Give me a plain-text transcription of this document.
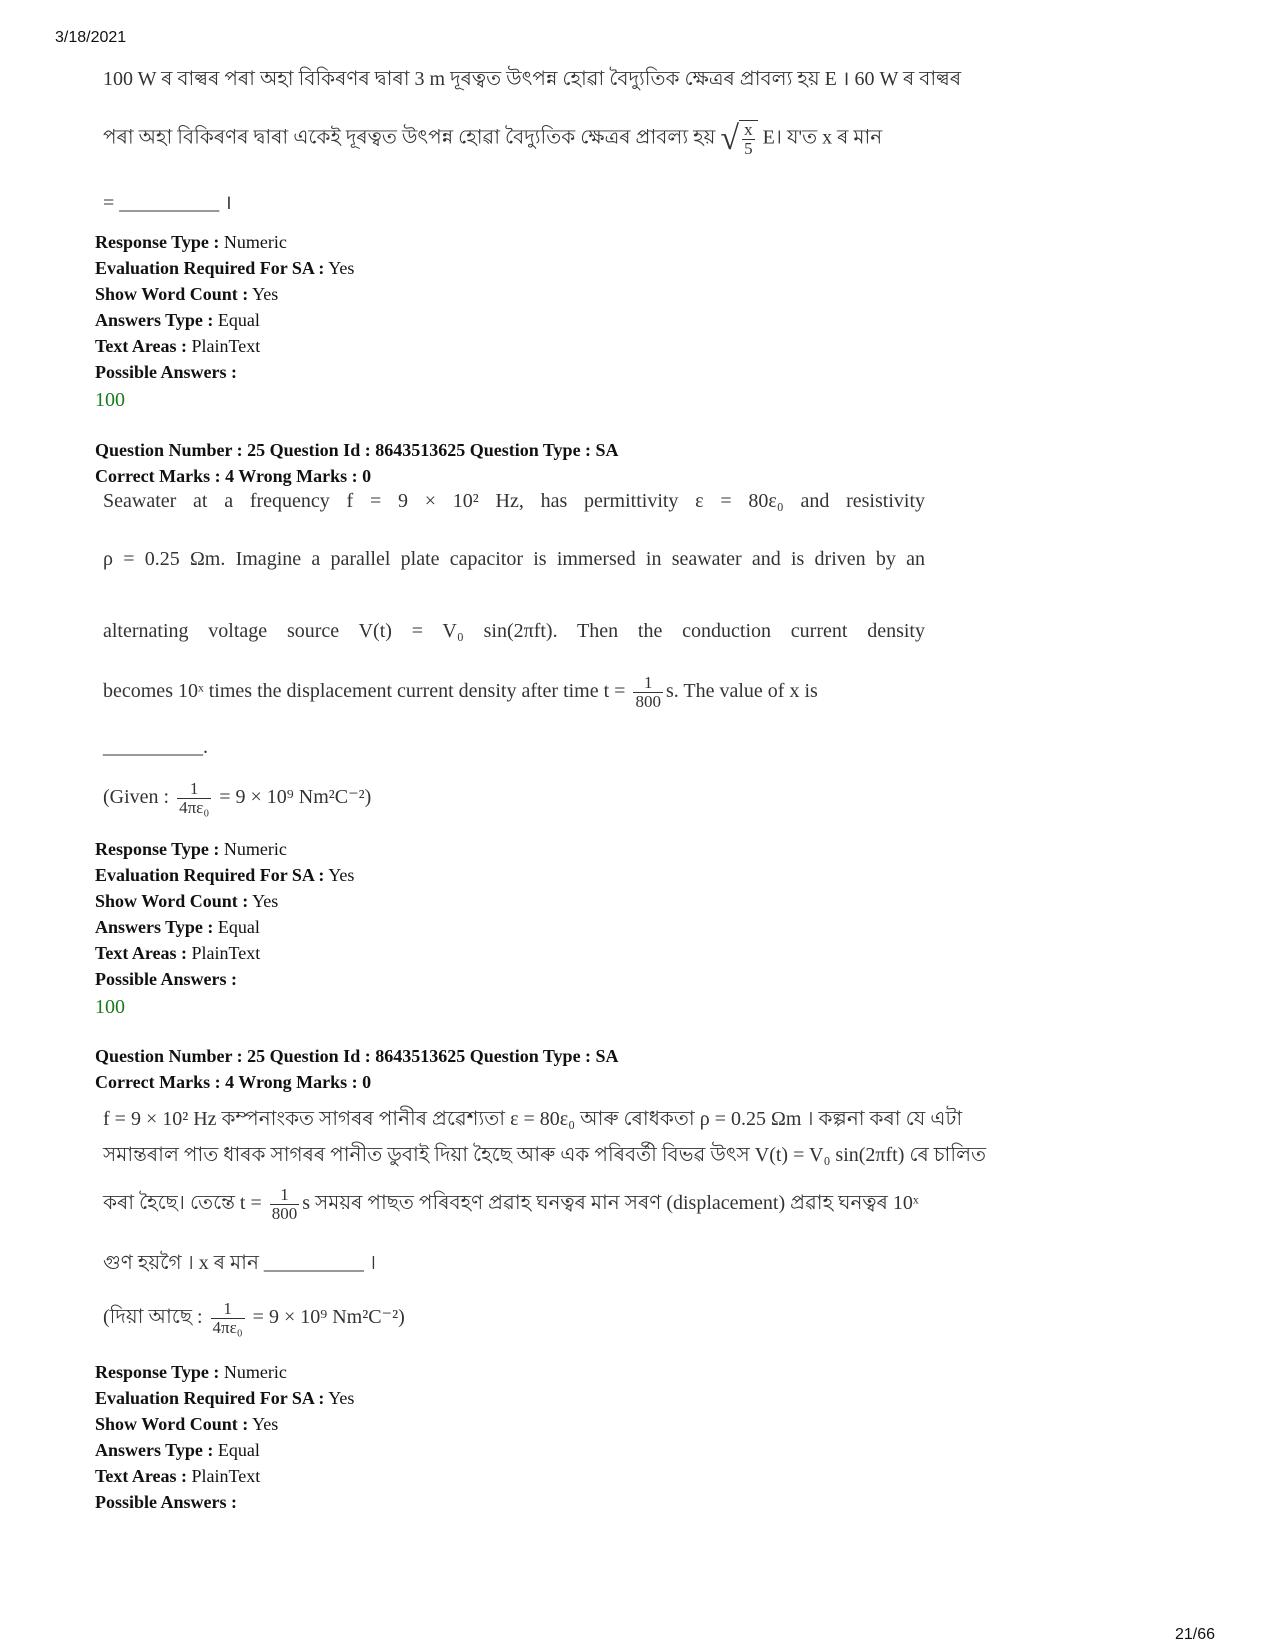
3/18/2021
100 W ৰ বাল্বৰ পৰা অহা বিকিৰণৰ দ্বাৰা 3 m দূৰত্বত উৎপন্ন হোৱা বৈদ্যুতিক ক্ষেত্ৰৰ প্ৰাবল্য হয় E । 60 W ৰ বাল্বৰ
পৰা অহা বিকিৰণৰ দ্বাৰা একেই দূৰত্বত উৎপন্ন হোৱা বৈদ্যুতিক ক্ষেত্ৰৰ প্ৰাবল্য হয় √ $\frac{x}{5}$ E। য'ত x ৰ মান
= __________ ।
Response Type : Numeric
Evaluation Required For SA : Yes
Show Word Count : Yes
Answers Type : Equal
Text Areas : PlainText
Possible Answers :
100
Question Number : 25 Question Id : 8643513625 Question Type : SA
Correct Marks : 4 Wrong Marks : 0
Seawater at a frequency f = 9 × 10² Hz, has permittivity ε = 80ε₀ and resistivity
ρ = 0.25 Ωm. Imagine a parallel plate capacitor is immersed in seawater and is driven by an
alternating voltage source V(t) = V₀ sin(2πft). Then the conduction current density
becomes 10ˣ times the displacement current density after time $t = \frac{1}{800} s$. The value of x is
__________.
(Given : $\frac{1}{\text{4πε₀}} = 9 \times 10^9$ Nm²C⁻²)
Response Type : Numeric
Evaluation Required For SA : Yes
Show Word Count : Yes
Answers Type : Equal
Text Areas : PlainText
Possible Answers :
100
Question Number : 25 Question Id : 8643513625 Question Type : SA
Correct Marks : 4 Wrong Marks : 0
f = 9 × 10² Hz কম্পনাংকত সাগৰৰ পানীৰ প্ৰৱেশ্যতা ε = 80ε₀ আৰু ৰোধকতা ρ = 0.25 Ωm । কল্পনা কৰা যে এটা
সমান্তৰাল পাত ধাৰক সাগৰৰ পানীত ডুবাই দিয়া হৈছে আৰু এক পৰিবৰ্তী বিভৱ উৎস V(t) = V₀ sin(2πft) ৰে চালিত
কৰা হৈছে। তেন্তে $t = \frac{1}{800}$ s সময়ৰ পাছত পৰিবহণ প্ৰৱাহ ঘনত্বৰ মান সৰণ (displacement) প্ৰৱাহ ঘনত্বৰ 10ˣ
গুণ হয়গৈ । x ৰ মান __________ ।
(দিয়া আছে : $\frac{1}{\text{4πε₀}} = 9 \times 10^9$ Nm²C⁻²)
Response Type : Numeric
Evaluation Required For SA : Yes
Show Word Count : Yes
Answers Type : Equal
Text Areas : PlainText
Possible Answers :
21/66
